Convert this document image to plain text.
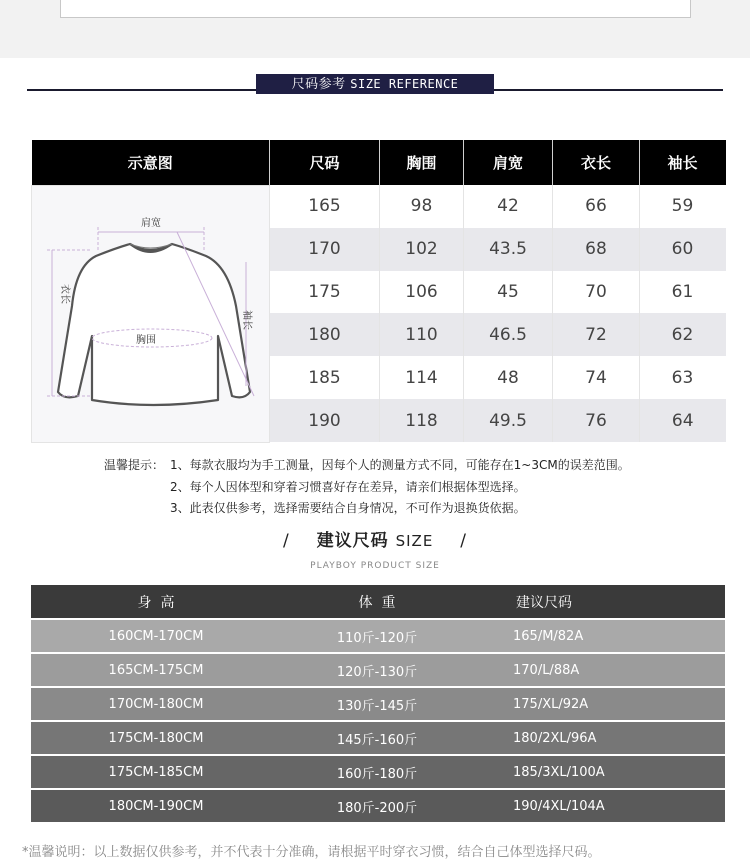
尺码参考 SIZE REFERENCE
示意图	尺码	胸围	肩宽	衣长	袖长

肩宽
衣长
袖长
胸围	165	98	42	66	59
	170	102	43.5	68	60
	175	106	45	70	61
	180	110	46.5	72	62
	185	114	48	74	63
	190	118	49.5	76	64
温馨提示： 1、每款衣服均为手工测量，因每个人的测量方式不同，可能存在1~3CM的误差范围。
2、每个人因体型和穿着习惯喜好存在差异，请亲们根据体型选择。
3、此表仅供参考，选择需要结合自身情况，不可作为退换货依据。
/ 建议尺码 SIZE /
PLAYBOY PRODUCT SIZE
身  高	体  重	建议尺码
160CM-170CM	110斤-120斤	165/M/82A
165CM-175CM	120斤-130斤	170/L/88A
170CM-180CM	130斤-145斤	175/XL/92A
175CM-180CM	145斤-160斤	180/2XL/96A
175CM-185CM	160斤-180斤	185/3XL/100A
180CM-190CM	180斤-200斤	190/4XL/104A
*温馨说明：以上数据仅供参考，并不代表十分准确，请根据平时穿衣习惯，结合自己体型选择尺码。
